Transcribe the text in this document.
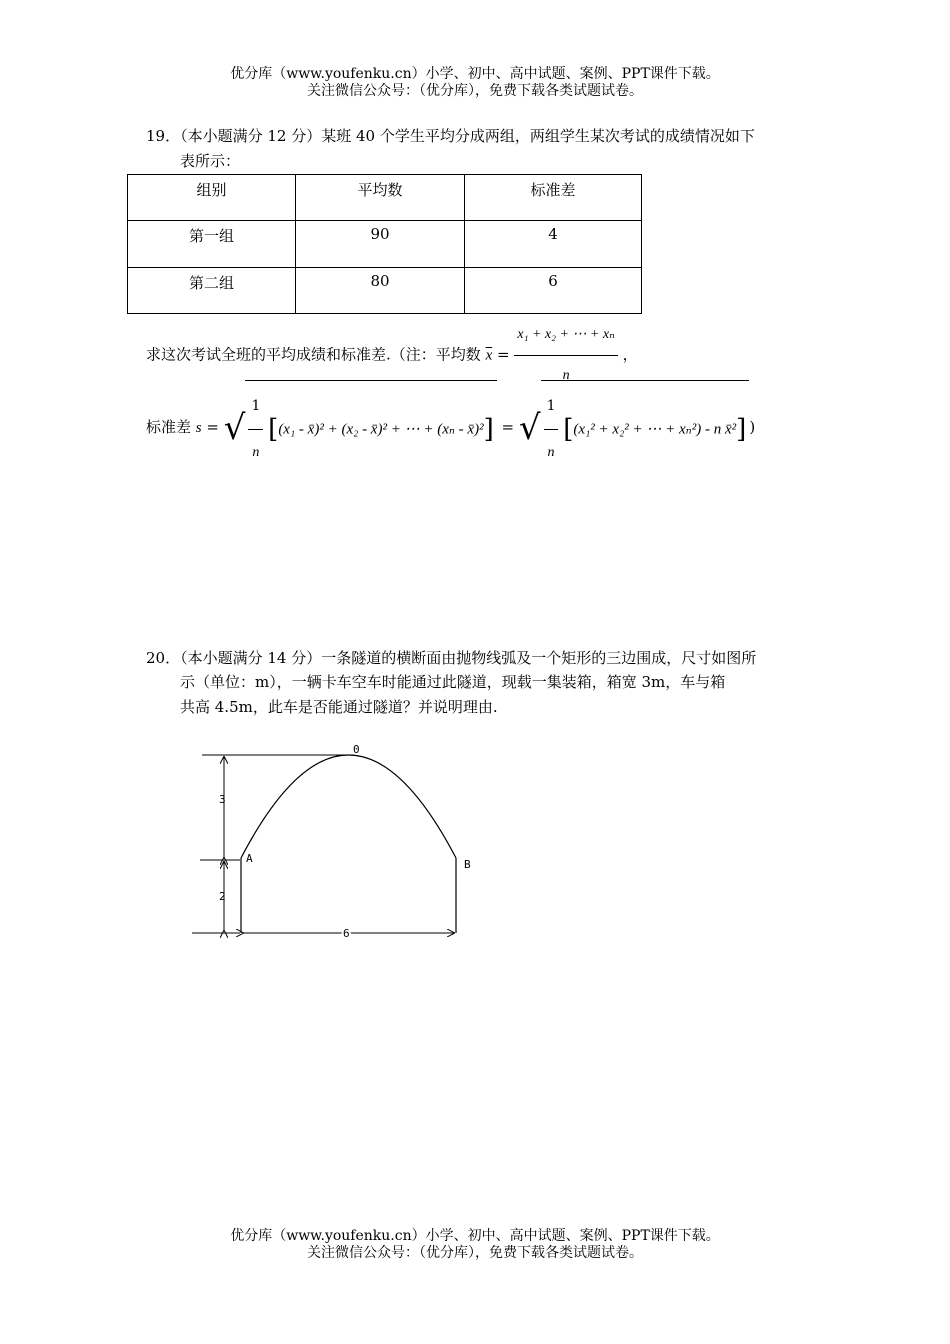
优分库（www.youfenku.cn）小学、初中、高中试题、案例、PPT课件下载。
关注微信公众号：（优分库），免费下载各类试题试卷。
19．（本小题满分 12 分）某班 40 个学生平均分成两组，两组学生某次考试的成绩情况如下
表所示：
组别	平均数	标准差
第一组	90	4
第二组	80	6
求这次考试全班的平均成绩和标准差.（注：平均数 $\overline{x} = \frac{\text{x₁ + x₂ + ⋯ + xₙ}}{n}$ ，
标准差 s = √ $\frac{1}{n} [(x_1$ - x̄)² + (x₂ - x̄)² + ⋯ + (xₙ - x̄)²] = √ $\frac{1}{n} [(x_1^2 + x_2^2$ + ⋯ + xₙ²) - n x̄²] )
20．（本小题满分 14 分）一条隧道的横断面由抛物线弧及一个矩形的三边围成，尺寸如图所
示（单位：m），一辆卡车空车时能通过此隧道，现载一集装箱，箱宽 3m，车与箱
共高 4.5m，此车是否能通过隧道？并说明理由.
0
A	B
3
2
6
优分库（www.youfenku.cn）小学、初中、高中试题、案例、PPT课件下载。
关注微信公众号：（优分库），免费下载各类试题试卷。
